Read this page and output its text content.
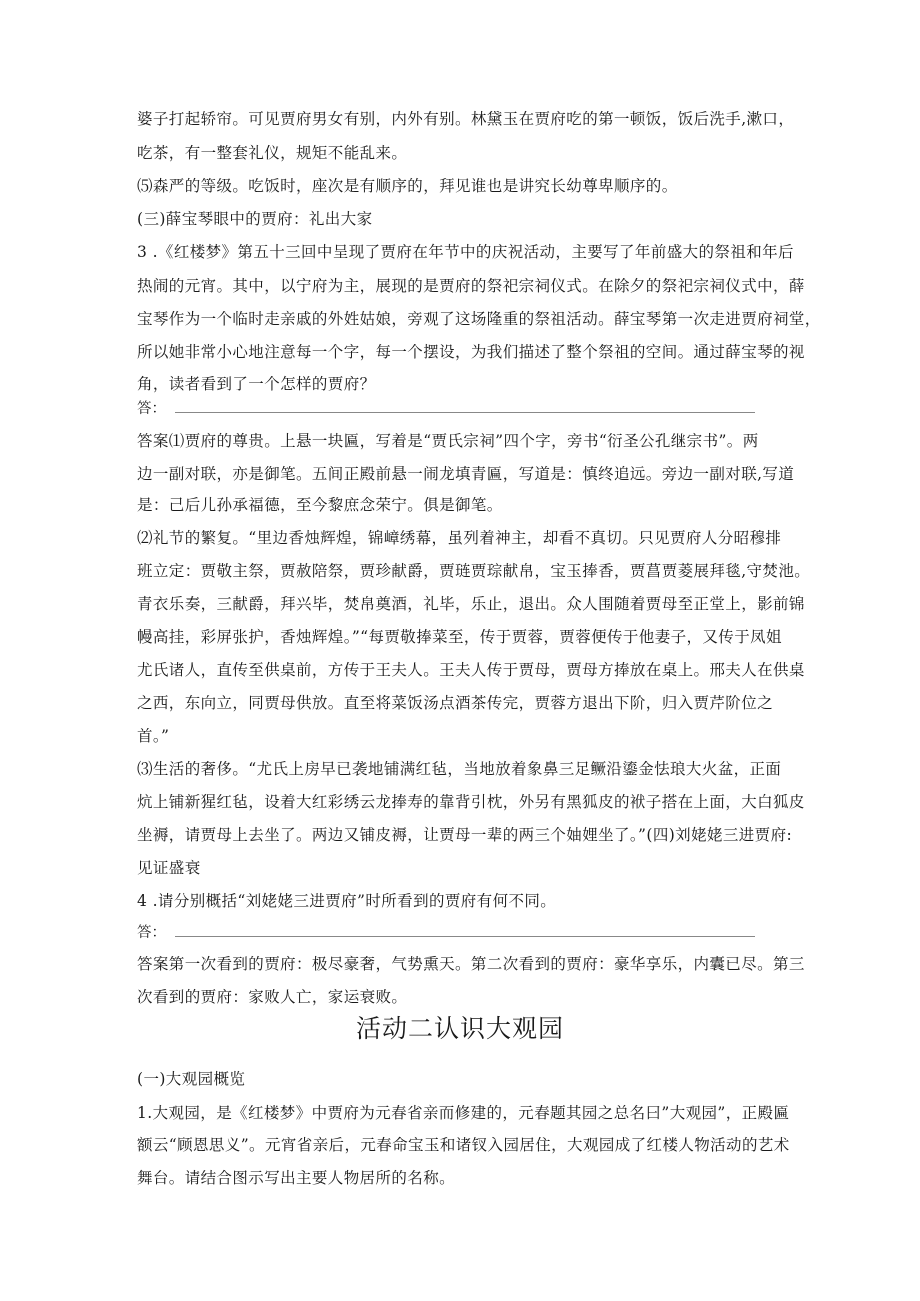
婆子打起轿帘。可见贾府男女有别，内外有别。林黛玉在贾府吃的第一顿饭，饭后洗手,漱口，
吃茶，有一整套礼仪，规矩不能乱来。
⑸森严的等级。吃饭时，座次是有顺序的，拜见谁也是讲究长幼尊卑顺序的。
(三)薛宝琴眼中的贾府：礼出大家
3 .《红楼梦》第五十三回中呈现了贾府在年节中的庆祝活动，主要写了年前盛大的祭祖和年后
热闹的元宵。其中，以宁府为主，展现的是贾府的祭祀宗祠仪式。在除夕的祭祀宗祠仪式中，薛
宝琴作为一个临时走亲戚的外姓姑娘，旁观了这场隆重的祭祖活动。薛宝琴第一次走进贾府祠堂，
所以她非常小心地注意每一个字，每一个摆设，为我们描述了整个祭祖的空间。通过薛宝琴的视
角，读者看到了一个怎样的贾府？
答：
答案⑴贾府的尊贵。上悬一块匾，写着是“贾氏宗祠”四个字，旁书“衍圣公孔继宗书”。两
边一副对联，亦是御笔。五间正殿前悬一闹龙填青匾，写道是：慎终追远。旁边一副对联,写道
是：己后儿孙承福德，至今黎庶念荣宁。俱是御笔。
⑵礼节的繁复。“里边香烛辉煌，锦嶂绣幕，虽列着神主，却看不真切。只见贾府人分昭穆排
班立定：贾敬主祭，贾赦陪祭，贾珍献爵，贾琏贾琮献帛，宝玉捧香，贾菖贾菱展拜毯,守焚池。
青衣乐奏，三献爵，拜兴毕，焚帛奠酒，礼毕，乐止，退出。众人围随着贾母至正堂上，影前锦
幔高挂，彩屏张护，香烛辉煌。”“每贾敬捧菜至，传于贾蓉，贾蓉便传于他妻子，又传于凤姐
尤氏诸人，直传至供桌前，方传于王夫人。王夫人传于贾母，贾母方捧放在桌上。邢夫人在供桌
之西，东向立，同贾母供放。直至将菜饭汤点酒茶传完，贾蓉方退出下阶，归入贾芹阶位之
首。”
⑶生活的奢侈。“尤氏上房早已袭地铺满红毡，当地放着象鼻三足鳜沿鎏金怯琅大火盆，正面
炕上铺新猩红毡，设着大红彩绣云龙捧寿的靠背引枕，外另有黑狐皮的袱子搭在上面，大白狐皮
坐褥，请贾母上去坐了。两边又铺皮褥，让贾母一辈的两三个妯娌坐了。”(四)刘姥姥三进贾府:
见证盛衰
4 .请分别概括“刘姥姥三进贾府”时所看到的贾府有何不同。
答：
答案第一次看到的贾府：极尽豪奢，气势熏天。第二次看到的贾府：豪华享乐，内囊已尽。第三
次看到的贾府：家败人亡，家运衰败。
活动二认识大观园
(一)大观园概览
1.大观园，是《红楼梦》中贾府为元春省亲而修建的，元春题其园之总名曰”大观园”，正殿匾
额云“顾恩思义”。元宵省亲后，元春命宝玉和诸钗入园居住，大观园成了红楼人物活动的艺术
舞台。请结合图示写出主要人物居所的名称。
